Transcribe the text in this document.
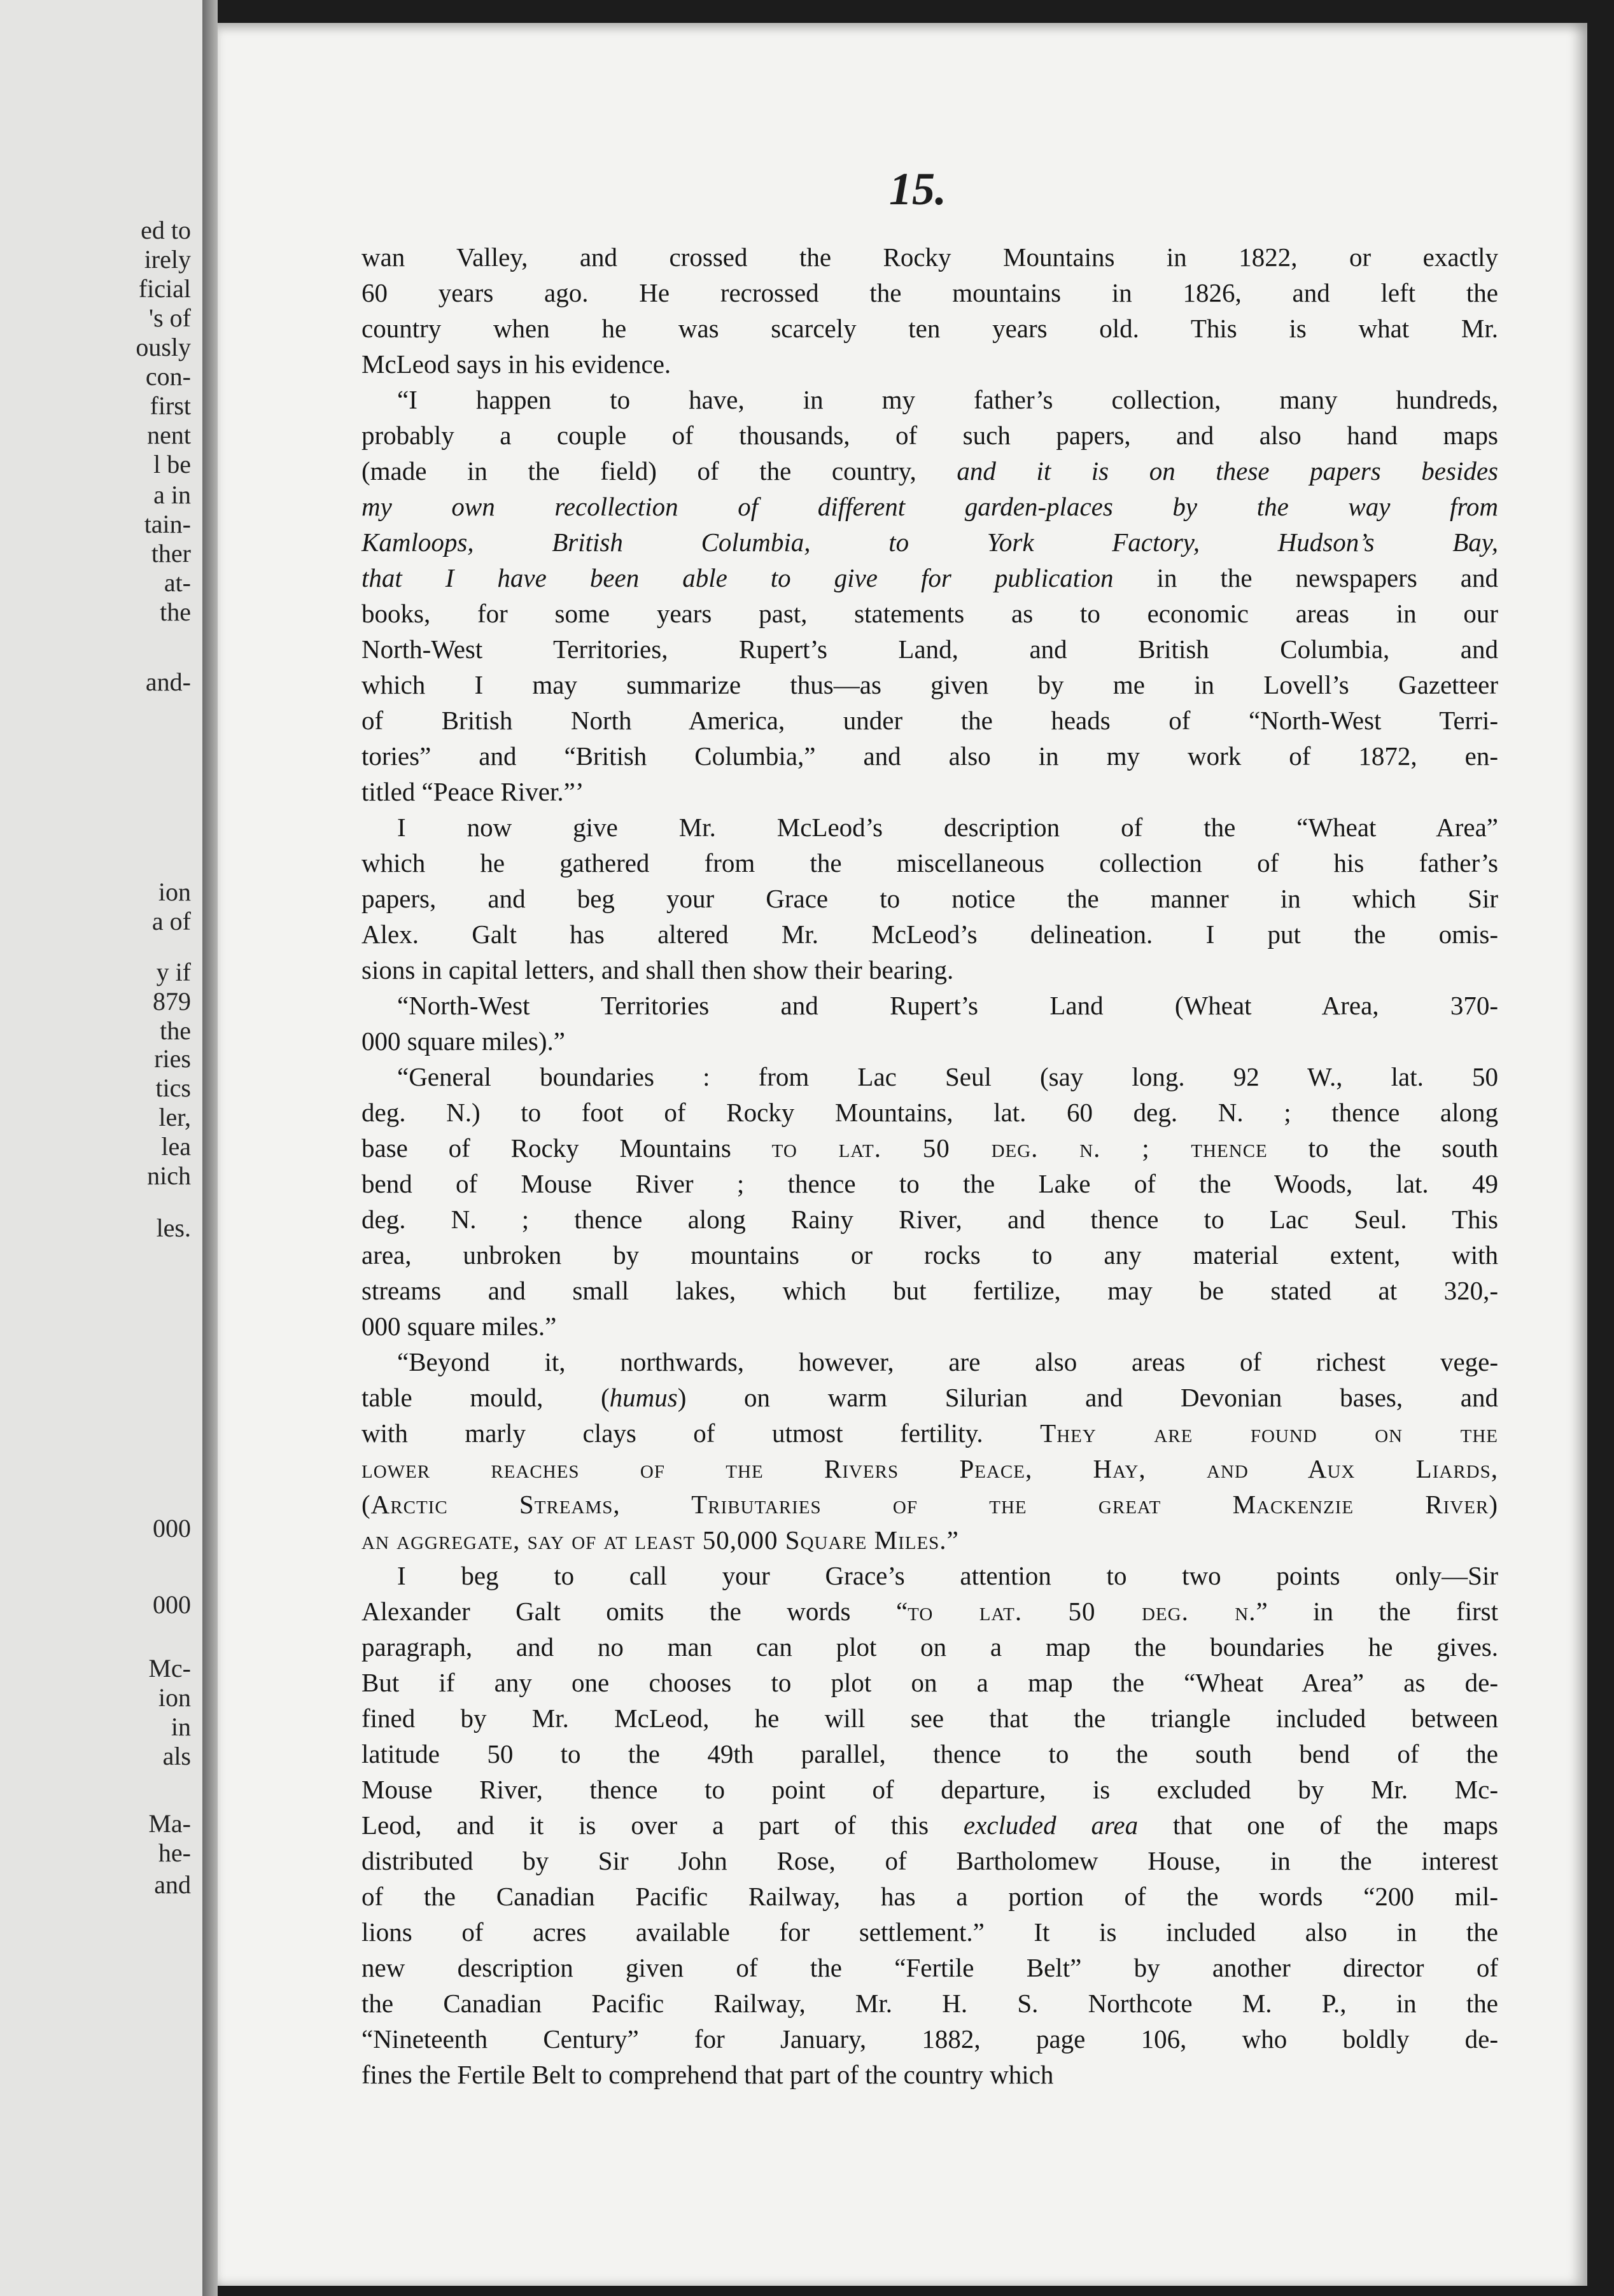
ed to
irely
ficial
's of
ously
con-
first
nent
l be
a in
tain-
ther
at-
the
and-
ion
a of
y if
879
the
ries
tics
ler,
lea
nich
les.
000
000
Mc-
ion
in
als
Ma-
he-
and
15.
wan Valley, and crossed the Rocky Mountains in 1822, or exactly
60 years ago. He recrossed the mountains in 1826, and left the
country when he was scarcely ten years old. This is what Mr.
McLeod says in his evidence.
“I happen to have, in my father’s collection, many hundreds,
probably a couple of thousands, of such papers, and also hand maps
(made in the field) of the country, and it is on these papers besides
my own recollection of different garden-places by the way from
Kamloops, British Columbia, to York Factory, Hudson’s Bay,
that I have been able to give for publication in the newspapers and
books, for some years past, statements as to economic areas in our
North-West Territories, Rupert’s Land, and British Columbia, and
which I may summarize thus—as given by me in Lovell’s Gazetteer
of British North America, under the heads of “North-West Terri-
tories” and “British Columbia,” and also in my work of 1872, en-
titled “Peace River.”’
I now give Mr. McLeod’s description of the “Wheat Area”
which he gathered from the miscellaneous collection of his father’s
papers, and beg your Grace to notice the manner in which Sir
Alex. Galt has altered Mr. McLeod’s delineation. I put the omis-
sions in capital letters, and shall then show their bearing.
“North-West Territories and Rupert’s Land (Wheat Area, 370-
000 square miles).”
“General boundaries : from Lac Seul (say long. 92 W., lat. 50
deg. N.) to foot of Rocky Mountains, lat. 60 deg. N. ; thence along
base of Rocky Mountains to lat. 50 deg. n. ; thence to the south
bend of Mouse River ; thence to the Lake of the Woods, lat. 49
deg. N. ; thence along Rainy River, and thence to Lac Seul. This
area, unbroken by mountains or rocks to any material extent, with
streams and small lakes, which but fertilize, may be stated at 320,-
000 square miles.”
“Beyond it, northwards, however, are also areas of richest vege-
table mould, (humus) on warm Silurian and Devonian bases, and
with marly clays of utmost fertility. They are found on the
lower reaches of the Rivers Peace, Hay, and Aux Liards,
(Arctic Streams, Tributaries of the great Mackenzie River)
an aggregate, say of at least 50,000 Square Miles.”
I beg to call your Grace’s attention to two points only—Sir
Alexander Galt omits the words “to lat. 50 deg. n.” in the first
paragraph, and no man can plot on a map the boundaries he gives.
But if any one chooses to plot on a map the “Wheat Area” as de-
fined by Mr. McLeod, he will see that the triangle included between
latitude 50 to the 49th parallel, thence to the south bend of the
Mouse River, thence to point of departure, is excluded by Mr. Mc-
Leod, and it is over a part of this excluded area that one of the maps
distributed by Sir John Rose, of Bartholomew House, in the interest
of the Canadian Pacific Railway, has a portion of the words “200 mil-
lions of acres available for settlement.” It is included also in the
new description given of the “Fertile Belt” by another director of
the Canadian Pacific Railway, Mr. H. S. Northcote M. P., in the
“Nineteenth Century” for January, 1882, page 106, who boldly de-
fines the Fertile Belt to comprehend that part of the country which
